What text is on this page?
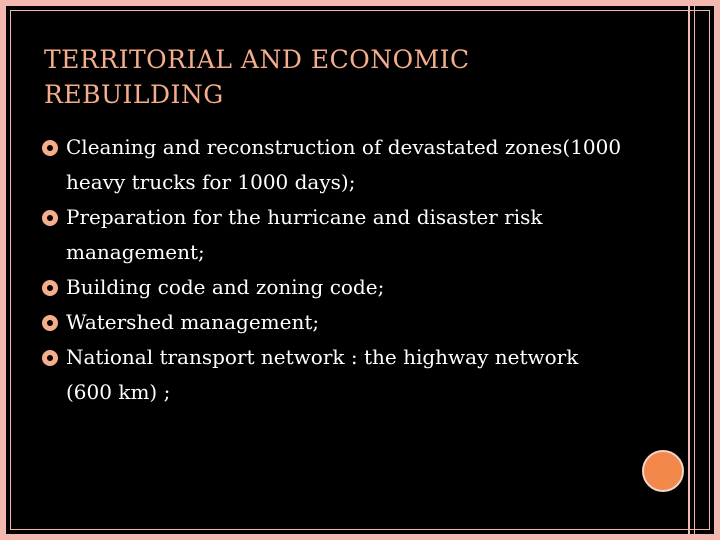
TERRITORIAL AND ECONOMIC
REBUILDING
Cleaning and reconstruction of devastated zones(1000 heavy trucks for 1000 days);
Preparation for the hurricane and disaster risk management;
Building code and zoning code;
Watershed management;
National transport network : the highway network (600 km) ;
